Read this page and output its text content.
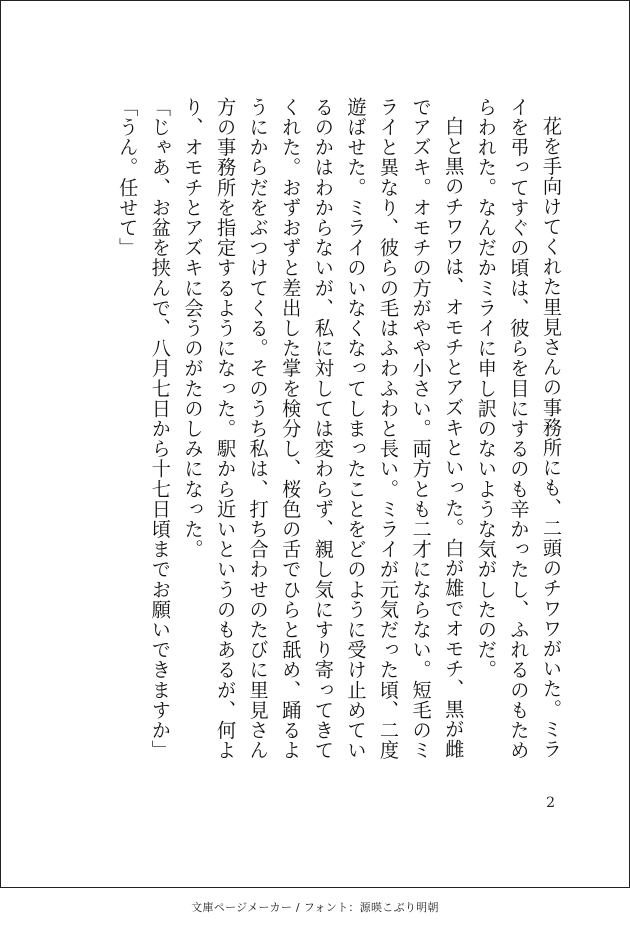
花を手向けてくれた里見さんの事務所にも、二頭のチワワがいた。ミライを弔ってすぐの頃は、彼らを目にするのも辛かったし、ふれるのもためらわれた。なんだかミライに申し訳のないような気がしたのだ。

白と黒のチワワは、オモチとアズキといった。白が雄でオモチ、黒が雌でアズキ。オモチの方がやや小さい。両方とも二才にならない。短毛のミライと異なり、彼らの毛はふわふわと長い。ミライが元気だった頃、二度遊ばせた。ミライのいなくなってしまったことをどのように受け止めているのかはわからないが、私に対しては変わらず、親し気にすり寄ってきてくれた。おずおずと差出した掌を検分し、桜色の舌でひらと舐め、踊るようにからだをぶつけてくる。そのうち私は、打ち合わせのたびに里見さん方の事務所を指定するようになった。駅から近いというのもあるが、何より、オモチとアズキに会うのがたのしみになった。

「じゃあ、お盆を挟んで、八月七日から十七日頃までお願いできますか」「うん。任せて」

2
文庫ページメーカー / フォント：源暎こぶり明朝
